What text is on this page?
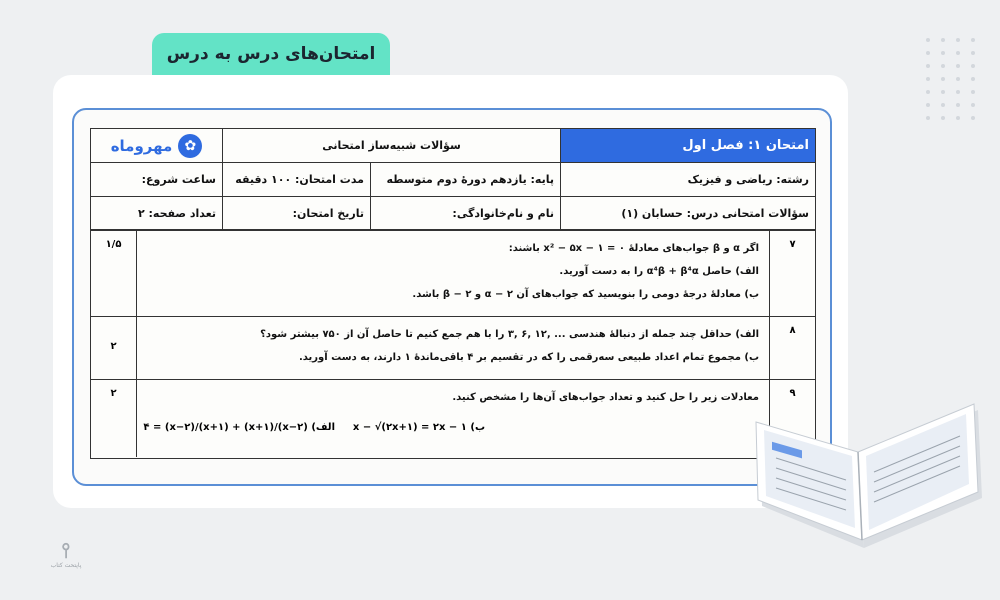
امتحان‌های درس به درس
امتحان ۱: فصل اول
سؤالات شبیه‌ساز امتحانی
✿
مهروماه
رشته: ریاضی و فیزیک
پایه: یازدهم دورهٔ دوم متوسطه
مدت امتحان: ۱۰۰ دقیقه
ساعت شروع:
سؤالات امتحانی درس: حسابان (۱)
نام و نام‌خانوادگی:
تاریخ امتحان:
تعداد صفحه: ۲
۷
۱/۵	اگر α و β جواب‌های معادلهٔ x² − ۵x − ۱ = ۰ باشند:
الف) حاصل α⁴β + β⁴α را به دست آورید.
ب) معادلهٔ درجهٔ دومی را بنویسید که جواب‌های آن α − ۲ و β − ۲ باشد.
۸
۲
الف) حداقل چند جمله از دنبالهٔ هندسی ... ,۱۲ ,۶ ,۳ را با هم جمع کنیم تا حاصل آن از ۷۵۰ بیشتر شود؟
ب) مجموع تمام اعداد طبیعی سه‌رقمی را که در تقسیم بر ۴ باقی‌ماندهٔ ۱ دارند، به دست آورید.
۹
۲	معادلات زیر را حل کنید و تعداد جواب‌های آن‌ها را مشخص کنید.
ب) x − √(۲x+۱) = ۲x − ۱
الف) (x−۲)/(x+۱) + (x+۱)/(x−۲) = ۴
⫯
پاپتحت کتاب
